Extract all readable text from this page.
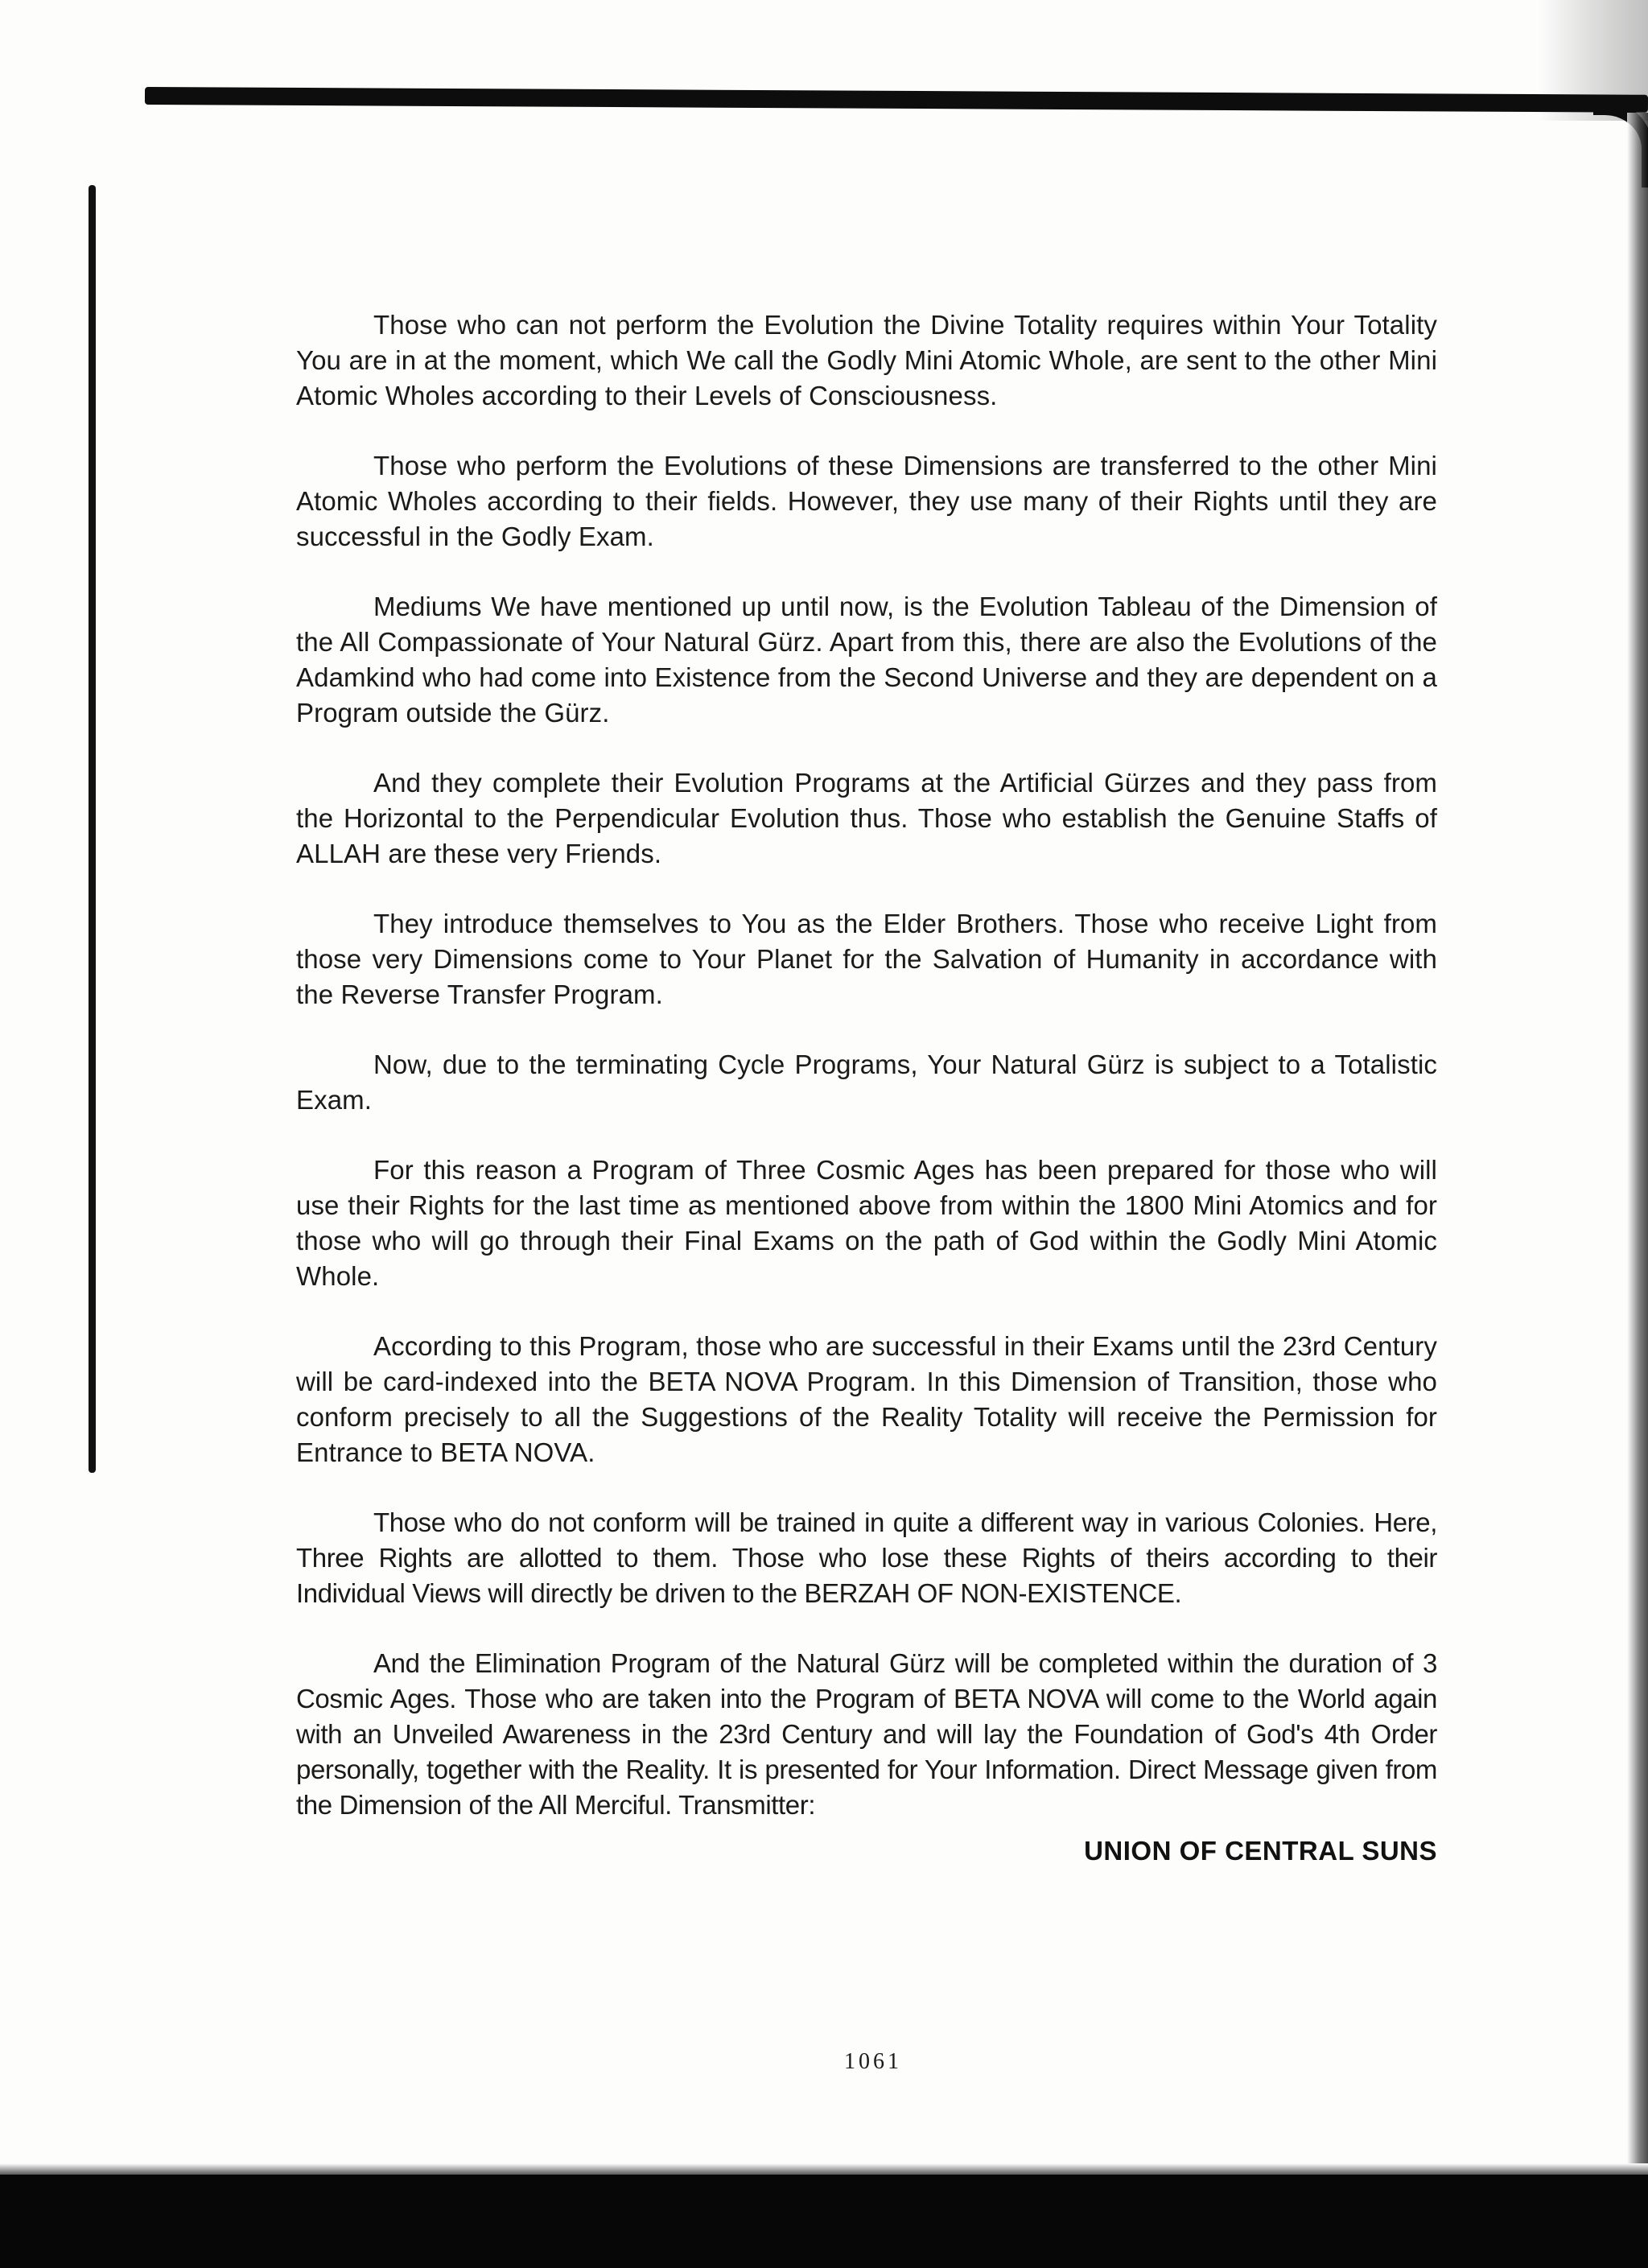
Those who can not perform the Evolution the Divine Totality requires within Your Totality You are in at the moment, which We call the Godly Mini Atomic Whole, are sent to the other Mini Atomic Wholes according to their Levels of Consciousness.

Those who perform the Evolutions of these Dimensions are transferred to the other Mini Atomic Wholes according to their fields. However, they use many of their Rights until they are successful in the Godly Exam.

Mediums We have mentioned up until now, is the Evolution Tableau of the Dimension of the All Compassionate of Your Natural Gürz. Apart from this, there are also the Evolutions of the Adamkind who had come into Existence from the Second Universe and they are dependent on a Program outside the Gürz.

And they complete their Evolution Programs at the Artificial Gürzes and they pass from the Horizontal to the Perpendicular Evolution thus. Those who establish the Genuine Staffs of ALLAH are these very Friends.

They introduce themselves to You as the Elder Brothers. Those who receive Light from those very Dimensions come to Your Planet for the Salvation of Humanity in accordance with the Reverse Transfer Program.

Now, due to the terminating Cycle Programs, Your Natural Gürz is subject to a Totalistic Exam.

For this reason a Program of Three Cosmic Ages has been prepared for those who will use their Rights for the last time as mentioned above from within the 1800 Mini Atomics and for those who will go through their Final Exams on the path of God within the Godly Mini Atomic Whole.

According to this Program, those who are successful in their Exams until the 23rd Century will be card-indexed into the BETA NOVA Program. In this Dimension of Transition, those who conform precisely to all the Suggestions of the Reality Totality will receive the Permission for Entrance to BETA NOVA.

Those who do not conform will be trained in quite a different way in various Colonies. Here, Three Rights are allotted to them. Those who lose these Rights of theirs according to their Individual Views will directly be driven to the BERZAH OF NON-EXISTENCE.

And the Elimination Program of the Natural Gürz will be completed within the duration of 3 Cosmic Ages. Those who are taken into the Program of BETA NOVA will come to the World again with an Unveiled Awareness in the 23rd Century and will lay the Foundation of God's 4th Order personally, together with the Reality. It is presented for Your Information. Direct Message given from the Dimension of the All Merciful. Transmitter:

UNION OF CENTRAL SUNS
1061
